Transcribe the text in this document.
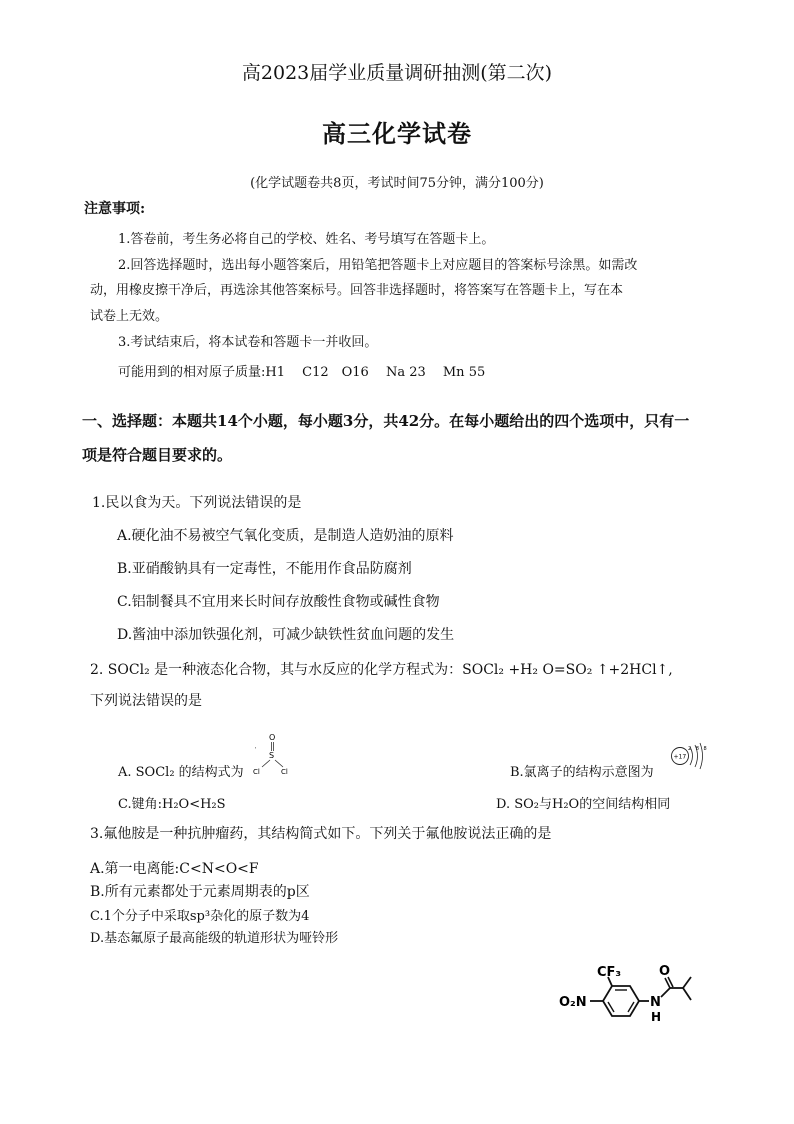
高2023届学业质量调研抽测(第二次)
高三化学试卷
(化学试题卷共8页，考试时间75分钟，满分100分)
注意事项:
1.答卷前，考生务必将自己的学校、姓名、考号填写在答题卡上。
2.回答选择题时，选出每小题答案后，用铅笔把答题卡上对应题目的答案标号涂黑。如需改
动，用橡皮擦干净后，再选涂其他答案标号。回答非选择题时，将答案写在答题卡上，写在本
试卷上无效。
3.考试结束后，将本试卷和答题卡一并收回。
可能用到的相对原子质量:H1　 C12　O16　 Na 23　 Mn 55
一、选择题：本题共14个小题，每小题3分，共42分。在每小题给出的四个选项中，只有一
项是符合题目要求的。
1.民以食为天。下列说法错误的是
A.硬化油不易被空气氧化变质，是制造人造奶油的原料
B.亚硝酸钠具有一定毒性，不能用作食品防腐剂
C.铝制餐具不宜用来长时间存放酸性食物或碱性食物
D.酱油中添加铁强化剂，可减少缺铁性贫血问题的发生
2. SOCl₂ 是一种液态化合物，其与水反应的化学方程式为：SOCl₂ +H₂ O=SO₂ ↑+2HCl↑,
下列说法错误的是
A. SOCl₂ 的结构式为
O
S
Cl	Cl
'
B.氯离子的结构示意图为
+17
2 8 8
C.键角:H₂O<H₂S	D. SO₂与H₂O的空间结构相同
3.氟他胺是一种抗肿瘤药，其结构简式如下。下列关于氟他胺说法正确的是
A.第一电离能:C<N<O<F
B.所有元素都处于元素周期表的p区
C.1个分子中采取sp³杂化的原子数为4
D.基态氟原子最高能级的轨道形状为哑铃形
CF₃
O₂N	N
H
O
